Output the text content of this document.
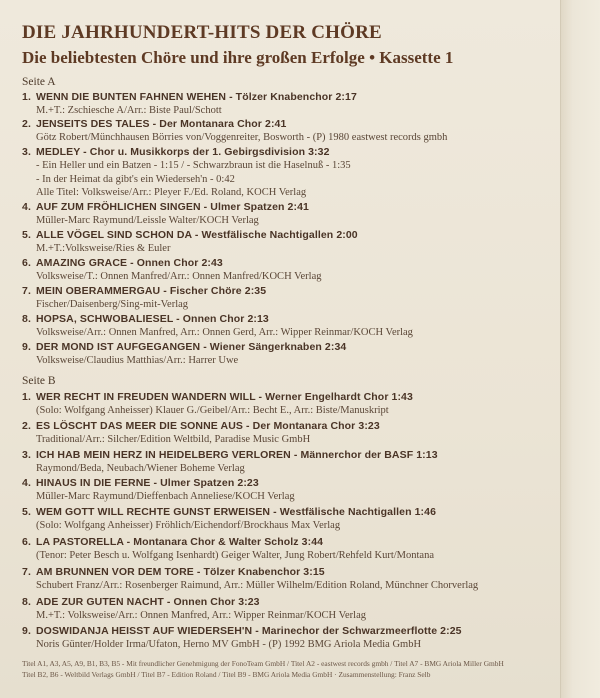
DIE JAHRHUNDERT-HITS DER CHÖRE
Die beliebtesten Chöre und ihre großen Erfolge • Kassette 1
Seite A
1. WENN DIE BUNTEN FAHNEN WEHEN - Tölzer Knabenchor 2:17
M.+T.: Zschiesche A/Arr.: Biste Paul/Schott
2. JENSEITS DES TALES - Der Montanara Chor 2:41
Götz Robert/Münchhausen Börries von/Voggenreiter, Bosworth - (P) 1980 eastwest records gmbh
3. MEDLEY - Chor u. Musikkorps der 1. Gebirgsdivision 3:32
- Ein Heller und ein Batzen - 1:15 / - Schwarzbraun ist die Haselnuß - 1:35
- In der Heimat da gibt's ein Wiederseh'n - 0:42
Alle Titel: Volksweise/Arr.: Pleyer F./Ed. Roland, KOCH Verlag
4. AUF ZUM FRÖHLICHEN SINGEN - Ulmer Spatzen 2:41
Müller-Marc Raymund/Leissle Walter/KOCH Verlag
5. ALLE VÖGEL SIND SCHON DA - Westfälische Nachtigallen 2:00
M.+T.:Volksweise/Ries & Euler
6. AMAZING GRACE - Onnen Chor 2:43
Volksweise/T.: Onnen Manfred/Arr.: Onnen Manfred/KOCH Verlag
7. MEIN OBERAMMERGAU - Fischer Chöre 2:35
Fischer/Daisenberg/Sing-mit-Verlag
8. HOPSA, SCHWOBALIESEL - Onnen Chor 2:13
Volksweise/Arr.: Onnen Manfred, Arr.: Onnen Gerd, Arr.: Wipper Reinmar/KOCH Verlag
9. DER MOND IST AUFGEGANGEN - Wiener Sängerknaben 2:34
Volksweise/Claudius Matthias/Arr.: Harrer Uwe
Seite B
1. WER RECHT IN FREUDEN WANDERN WILL - Werner Engelhardt Chor 1:43
(Solo: Wolfgang Anheisser) Klauer G./Geibel/Arr.: Becht E., Arr.: Biste/Manuskript
2. ES LÖSCHT DAS MEER DIE SONNE AUS - Der Montanara Chor 3:23
Traditional/Arr.: Silcher/Edition Weltbild, Paradise Music GmbH
3. ICH HAB MEIN HERZ IN HEIDELBERG VERLOREN - Männerchor der BASF 1:13
Raymond/Beda, Neubach/Wiener Boheme Verlag
4. HINAUS IN DIE FERNE - Ulmer Spatzen 2:23
Müller-Marc Raymund/Dieffenbach Anneliese/KOCH Verlag
5. WEM GOTT WILL RECHTE GUNST ERWEISEN - Westfälische Nachtigallen 1:46
(Solo: Wolfgang Anheisser) Fröhlich/Eichendorf/Brockhaus Max Verlag
6. LA PASTORELLA - Montanara Chor & Walter Scholz 3:44
(Tenor: Peter Besch u. Wolfgang Isenhardt) Geiger Walter, Jung Robert/Rehfeld Kurt/Montana
7. AM BRUNNEN VOR DEM TORE - Tölzer Knabenchor 3:15
Schubert Franz/Arr.: Rosenberger Raimund, Arr.: Müller Wilhelm/Edition Roland, Münchner Chorverlag
8. ADE ZUR GUTEN NACHT - Onnen Chor 3:23
M.+T.: Volksweise/Arr.: Onnen Manfred, Arr.: Wipper Reinmar/KOCH Verlag
9. DOSWIDANJA HEISST AUF WIEDERSEH'N - Marinechor der Schwarzmeerflotte 2:25
Noris Günter/Holder Irma/Ufaton, Herno MV GmbH - (P) 1992 BMG Ariola Media GmbH
Titel A1, A3, A5, A9, B1, B3, B5 - Mit freundlicher Genehmigung der FonoTeam GmbH / Titel A2 - eastwest records gmbh / Titel A7 - BMG Ariola Miller GmbH
Titel B2, B6 - Weltbild Verlags GmbH / Titel B7 - Edition Roland / Titel B9 - BMG Ariola Media GmbH · Zusammenstellung: Franz Selb
